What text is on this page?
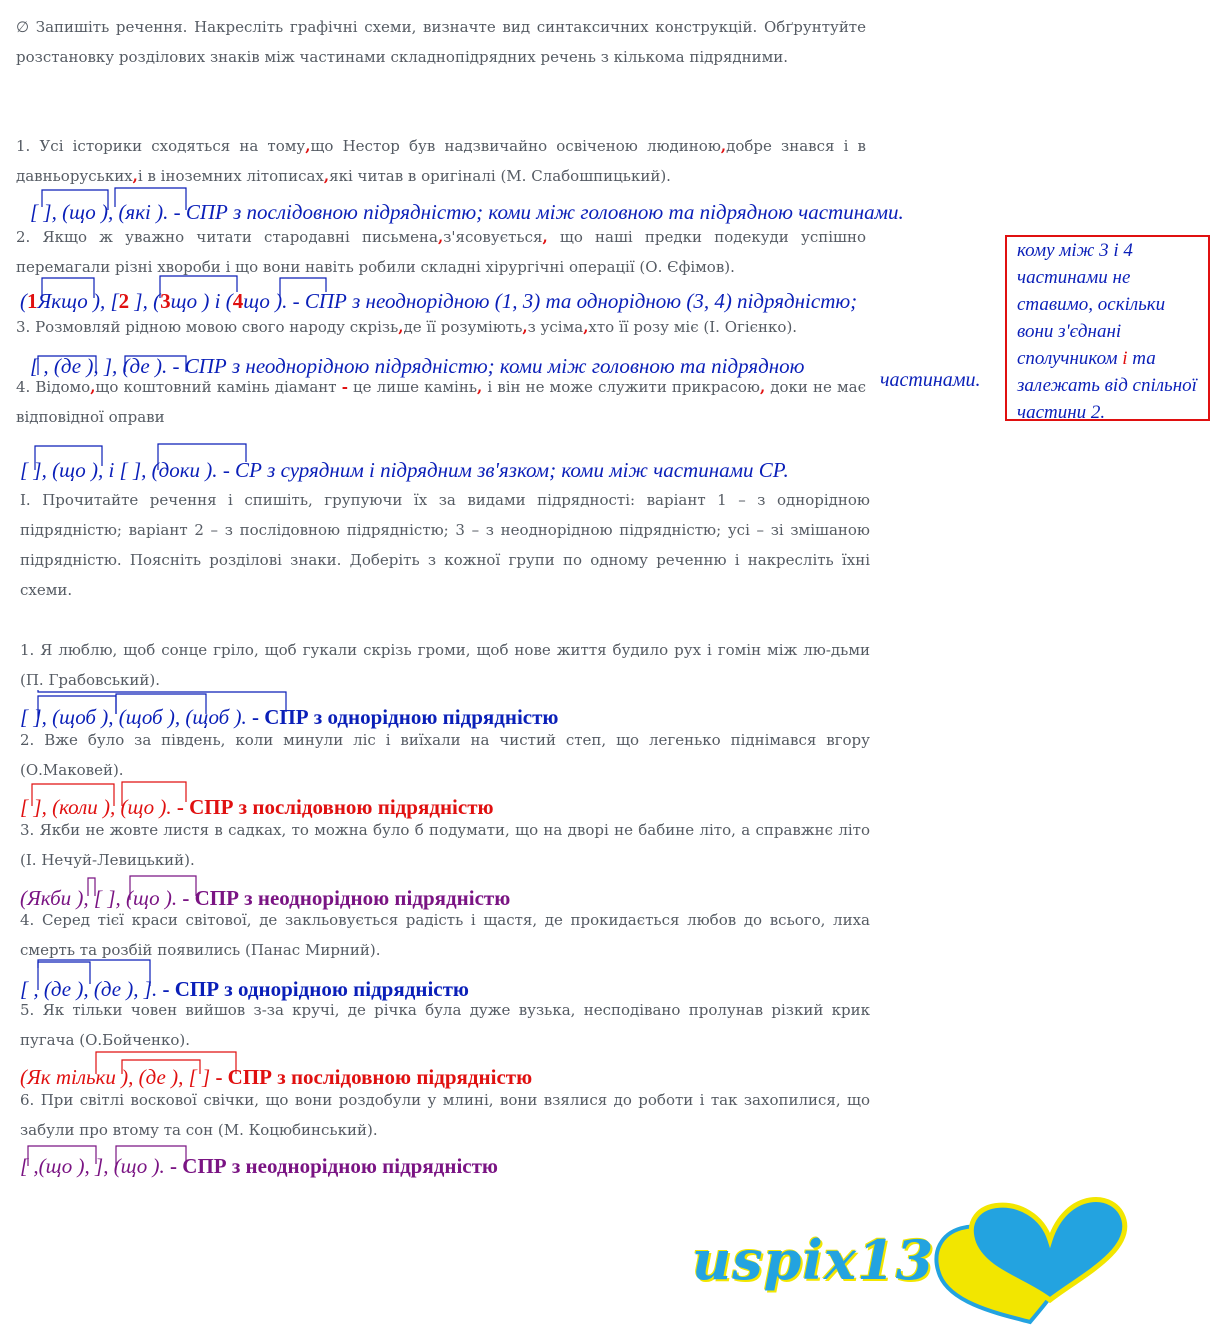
∅ Запишіть речення. Накресліть графічні схеми, визначте вид синтаксичних конструкцій. Обґрунтуйте розстановку розділових знаків між частинами складнопідрядних речень з кількома підрядними.

1. Усі історики сходяться на тому,що Нестор був надзвичайно освіченою людиною,добре знався і в давньоруських,і в іноземних літописах,які читав в оригіналі (М. Слабошпицький).

[ ], (що ), (які ). - СПР з послідовною підрядністю; коми між головною та підрядною частинами.

2. Якщо ж уважно читати стародавні письмена,з'ясовується, що наші предки подекуди успішно перемагали різні хвороби і що вони навіть робили складні хірургічні операції (О. Єфімов).

(1Якщо ), [2 ], (3що ) і (4що ). - СПР з неоднорідною (1, 3) та однорідною (3, 4) підрядністю;

3. Розмовляй рідною мовою свого народу скрізь,де її розуміють,з усіма,хто її розу міє (І. Огієнко).

[ , (де ), ], (де ). - СПР з неоднорідною підрядністю; коми між головною та підрядною

частинами.

4. Відомо,що коштовний камінь діамант - це лише камінь, і він не може служити прикрасою, доки не має відповідної оправи

[ ], (що ), і [ ], (доки ). - СР з сурядним і підрядним зв'язком; коми між частинами СР.

кому між 3 і 4 частинами не ставимо, оскільки вони з'єднані сполучником і та залежать від спільної частини 2.

І. Прочитайте речення і спишіть, групуючи їх за видами підрядності: варіант 1 – з однорідною підрядністю; варіант 2 – з послідовною підрядністю; 3 – з неоднорідною підрядністю; усі – зі змішаною підрядністю. Поясніть розділові знаки. Доберіть з кожної групи по одному реченню і накресліть їхні схеми.

1. Я люблю, щоб сонце гріло, щоб гукали скрізь громи, щоб нове життя будило рух і гомін між лю-дьми (П. Грабовський).

[ ], (щоб ), (щоб ), (щоб ). - СПР з однорідною підрядністю

2. Вже було за південь, коли минули ліс і виїхали на чистий степ, що легенько піднімався вгору (О.Маковей).

[ ], (коли ), (що ). - СПР з послідовною підрядністю

3. Якби не жовте листя в садках, то можна було б подумати, що на дворі не бабине літо, а справжнє літо (І. Нечуй-Левицький).

(Якби ), [ ], (що ). - СПР з неоднорідною підрядністю

4. Серед тієї краси світової, де закльовується радість і щастя, де прокидається любов до всього, лиха смерть та розбій появились (Панас Мирний).

[ , (де ), (де ), ]. - СПР з однорідною підрядністю

5. Як тільки човен вийшов з-за кручі, де річка була дуже вузька, несподівано пролунав різкий крик пугача (О.Бойченко).

(Як тільки ), (де ), [ ] - СПР з послідовною підрядністю

6. При світлі воскової свічки, що вони роздобули у млині, вони взялися до роботи і так захопилися, що забули про втому та сон (М. Коцюбинський).

[ ,(що ), ], (що ). - СПР з неоднорідною підрядністю

uspix13
